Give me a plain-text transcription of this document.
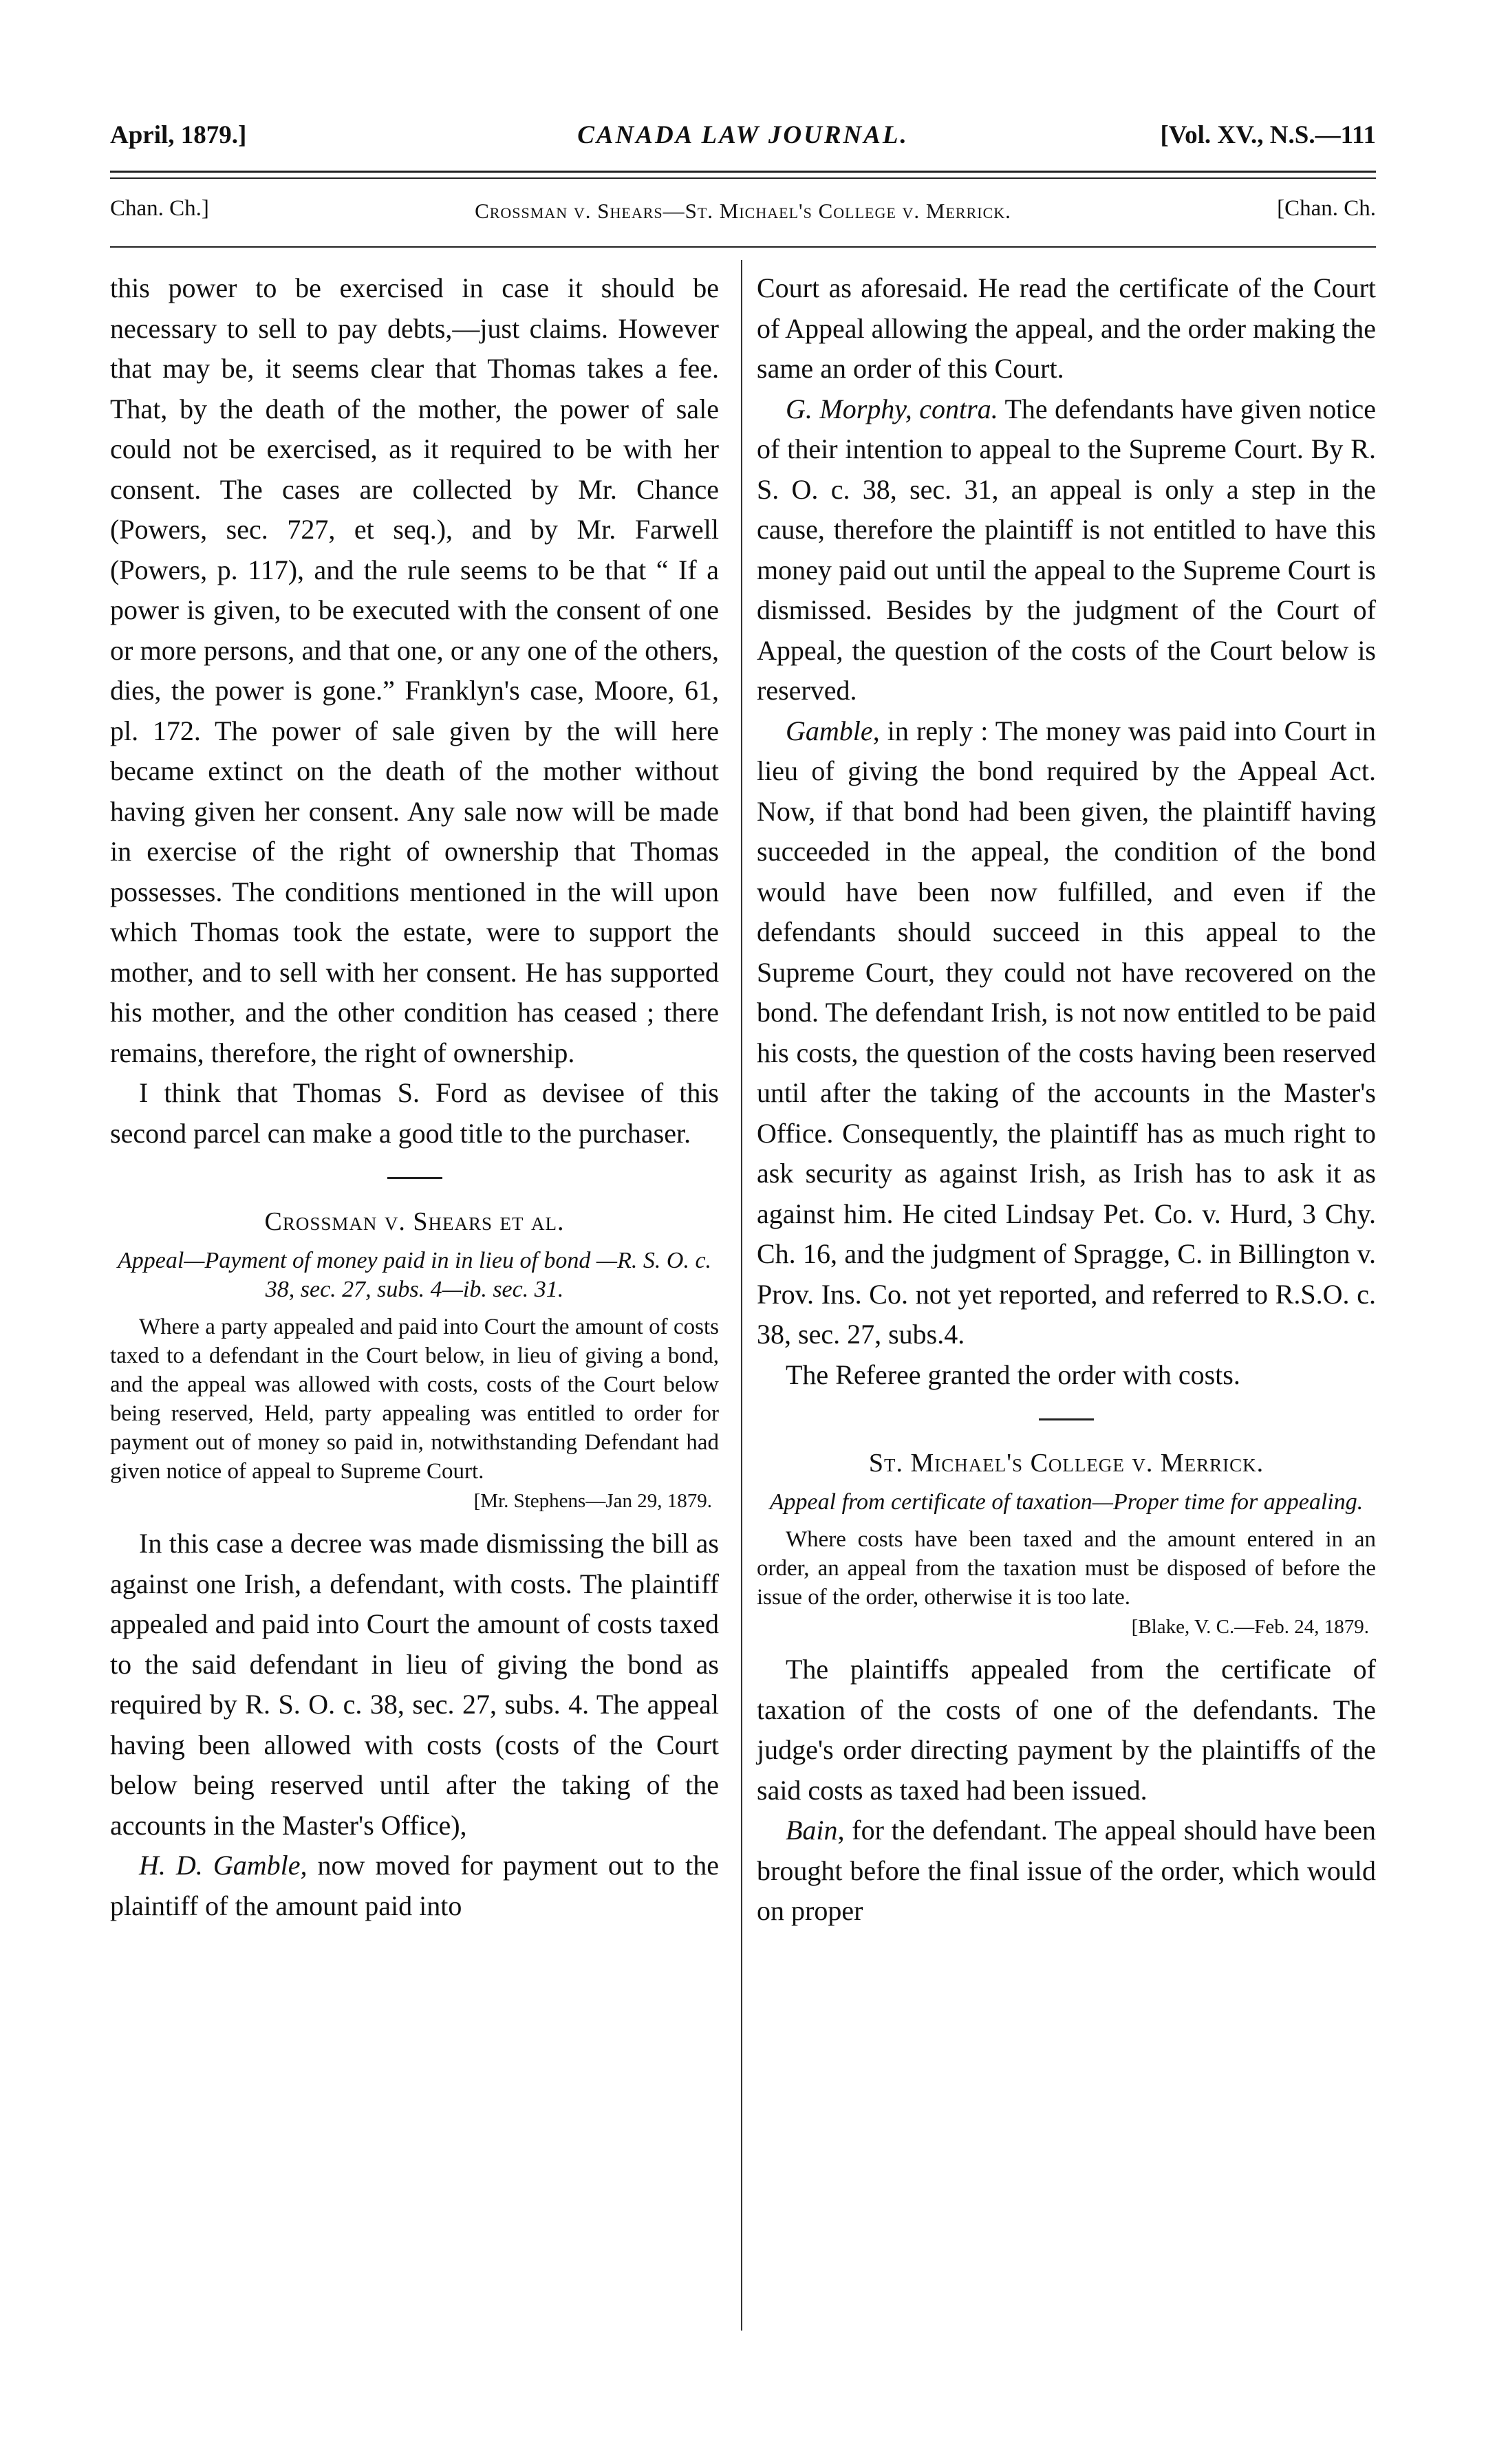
April, 1879.]	CANADA LAW JOURNAL.	[Vol. XV., N.S.—111
Chan. Ch.]	Crossman v. Shears—St. Michael's College v. Merrick.	[Chan. Ch.

this power to be exercised in case it should be necessary to sell to pay debts,—just claims. However that may be, it seems clear that Thomas takes a fee. That, by the death of the mother, the power of sale could not be exercised, as it required to be with her consent. The cases are collected by Mr. Chance (Powers, sec. 727, et seq.), and by Mr. Farwell (Powers, p. 117), and the rule seems to be that “ If a power is given, to be executed with the consent of one or more persons, and that one, or any one of the others, dies, the power is gone.” Franklyn's case, Moore, 61, pl. 172. The power of sale given by the will here became extinct on the death of the mother without having given her consent. Any sale now will be made in exercise of the right of ownership that Thomas possesses. The conditions mentioned in the will upon which Thomas took the estate, were to support the mother, and to sell with her consent. He has supported his mother, and the other condition has ceased ; there remains, therefore, the right of ownership.

I think that Thomas S. Ford as devisee of this second parcel can make a good title to the purchaser.

Crossman v. Shears et al.

Appeal—Payment of money paid in in lieu of bond —R. S. O. c. 38, sec. 27, subs. 4—ib. sec. 31.

Where a party appealed and paid into Court the amount of costs taxed to a defendant in the Court below, in lieu of giving a bond, and the appeal was allowed with costs, costs of the Court below being reserved, Held, party appealing was entitled to order for payment out of money so paid in, notwithstanding Defendant had given notice of appeal to Supreme Court.

[Mr. Stephens—Jan 29, 1879.

In this case a decree was made dismissing the bill as against one Irish, a defendant, with costs. The plaintiff appealed and paid into Court the amount of costs taxed to the said defendant in lieu of giving the bond as required by R. S. O. c. 38, sec. 27, subs. 4. The appeal having been allowed with costs (costs of the Court below being reserved until after the taking of the accounts in the Master's Office),

H. D. Gamble, now moved for payment out to the plaintiff of the amount paid into

Court as aforesaid. He read the certificate of the Court of Appeal allowing the appeal, and the order making the same an order of this Court.

G. Morphy, contra. The defendants have given notice of their intention to appeal to the Supreme Court. By R. S. O. c. 38, sec. 31, an appeal is only a step in the cause, therefore the plaintiff is not entitled to have this money paid out until the appeal to the Supreme Court is dismissed. Besides by the judgment of the Court of Appeal, the question of the costs of the Court below is reserved.

Gamble, in reply : The money was paid into Court in lieu of giving the bond required by the Appeal Act. Now, if that bond had been given, the plaintiff having succeeded in the appeal, the condition of the bond would have been now fulfilled, and even if the defendants should succeed in this appeal to the Supreme Court, they could not have recovered on the bond. The defendant Irish, is not now entitled to be paid his costs, the question of the costs having been reserved until after the taking of the accounts in the Master's Office. Consequently, the plaintiff has as much right to ask security as against Irish, as Irish has to ask it as against him. He cited Lindsay Pet. Co. v. Hurd, 3 Chy. Ch. 16, and the judgment of Spragge, C. in Billington v. Prov. Ins. Co. not yet reported, and referred to R.S.O. c. 38, sec. 27, subs.4.

The Referee granted the order with costs.

St. Michael's College v. Merrick.

Appeal from certificate of taxation—Proper time for appealing.

Where costs have been taxed and the amount entered in an order, an appeal from the taxation must be disposed of before the issue of the order, otherwise it is too late.

[Blake, V. C.—Feb. 24, 1879.

The plaintiffs appealed from the certificate of taxation of the costs of one of the defendants. The judge's order directing payment by the plaintiffs of the said costs as taxed had been issued.

Bain, for the defendant. The appeal should have been brought before the final issue of the order, which would on proper
